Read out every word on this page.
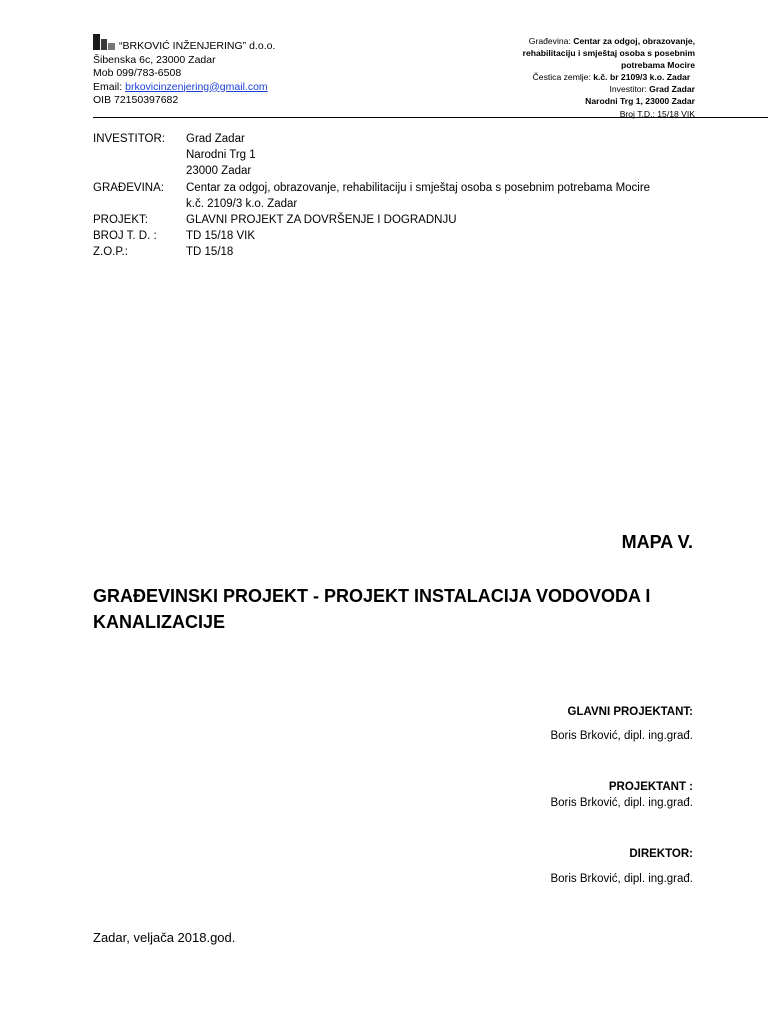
“BRKOVIĆ INŽENJERING” d.o.o.
Šibenska 6c, 23000 Zadar
Mob 099/783-6508
Email: brkovicinzenjering@gmail.com
OIB 72150397682
Građevina: Centar za odgoj, obrazovanje,
rehabilitaciju i smještaj osoba s posebnim
potrebama Mocire
Čestica zemlje: k.č. br 2109/3 k.o. Zadar
Investitor: Grad Zadar
Narodni Trg 1, 23000 Zadar
Broj T.D.: 15/18 VIK
INVESTITOR:	Grad Zadar
Narodni Trg 1
23000 Zadar
GRAĐEVINA:	Centar za odgoj, obrazovanje, rehabilitaciju i smještaj osoba s posebnim potrebama Mocire
k.č. 2109/3 k.o. Zadar
PROJEKT:	GLAVNI PROJEKT ZA DOVRŠENJE I DOGRADNJU
BROJ T. D. :	TD 15/18 VIK
Z.O.P.:	TD 15/18
MAPA V.
GRAĐEVINSKI PROJEKT - PROJEKT INSTALACIJA VODOVODA I
KANALIZACIJE
GLAVNI PROJEKTANT:
Boris Brković, dipl. ing.građ.
PROJEKTANT :
Boris Brković, dipl. ing.građ.
DIREKTOR:
Boris Brković, dipl. ing.građ.
Zadar, veljača 2018.god.
